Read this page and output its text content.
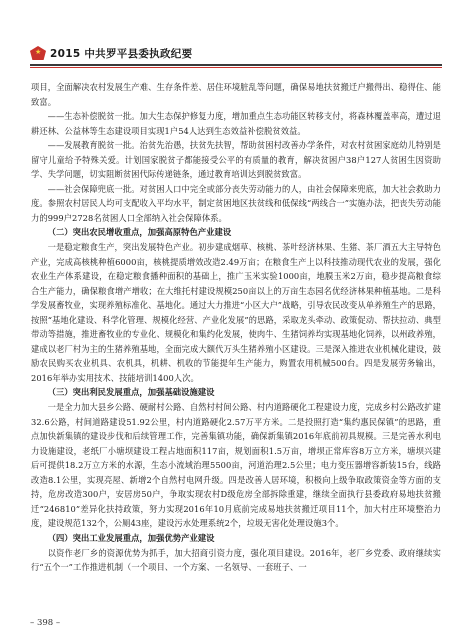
★ 2015 中共罗平县委执政纪要

项目，全面解决农村发展生产难、生存条件差、居住环境脏乱等问题，确保易地扶贫搬迁户搬得出、稳得住、能致富。

——生态补偿脱贫一批。加大生态保护修复力度，增加重点生态功能区转移支付，将森林覆盖率高，遭过退耕还林、公益林等生态建设项目实现1户54人达到生态效益补偿脱贫效益。

——发展教育脱贫一批。治贫先治愚，扶贫先扶智，帮助贫困村改善办学条件，对农村贫困家庭幼儿特别是留守儿童给予特殊关爱。计划国家脱贫子都能接受公平的有质量的教育，解决贫困户38户127人贫困生因资助学、失学问题，切实阻断贫困代际传递链条，通过教育培训达到脱贫致富。

——社会保障兜底一批。对贫困人口中完全或部分丧失劳动能力的人，由社会保障来兜底，加大社会救助力度。参照农村居民人均可支配收入平均水平，制定贫困地区扶贫线和低保线“两线合一”实施办法，把丧失劳动能力的999户2728名贫困人口全部纳入社会保障体系。

（二）突出农民增收重点，加强高原特色产业建设

一是稳定粮食生产，突出发展特色产业。初步建成烟草、核桃、茶叶经济林果、生猪、茶厂酒五大主导特色产业，完成高核桃种植6000亩，核桃提质增效改造2.49万亩；在粮食生产上以科技推动现代农业的发展，强化农业生产体系建设，在稳定粮食播种面积的基础上，推广玉米实验1000亩，地膜玉米2万亩，稳步提高粮食综合生产能力，确保粮食增产增收；在大维托村建设规模250亩以上的万亩生态园名优经济林果种植基地。二是科学发展畜牧业，实现养殖标准化、基地化。通过大力推进“小区大户”战略，引导农民改变从单养殖生产的思路，按照“基地化建设、科学化管理、规模化经营、产业化发展”的思路，采取龙头牵动、政策促动、帮扶拉动、典型带动等措施，推进畜牧业的专业化、规模化和集约化发展，使肉牛、生猪饲养均实现基地化饲养，以州政养殖，建成以老厂村为主的生猪养殖基地，全面完成大额代万头生猪养殖小区建设。三是深入推进农业机械化建设，鼓励农民购买农业机具、农机具，机耕、机收的节能提年生产能力，购置农用机械500台。四是发展劳务输出，2016年举办实用技术、技能培训1400人次。

（三）突出利民发展重点，加强基础设施建设

一是全力加大县乡公路、硬耐村公路、自然村村间公路、村内道路硬化工程建设力度，完成乡村公路改扩建32.6公路，村间道路建设51.92公里，村内道路硬化2.57万平方米。二是投照打造“集约惠民保镇”的思路，重点加快新集镇的建设步伐和后续管理工作，完善集镇功能，确保新集镇2016年底前初具规模。三是完善水利电力设施建设，老纸厂小塘坝建设工程占地面积117亩，规划面积1.5万亩，增坝正常库容8万立方米，塘坝兴建后可提供18.2万立方米的水源，生态小流域治理5500亩，河道治理2.5公里；电力变压器增容新装15台，线路改造8.1公里，实现亮屋、新增2个自然村电网升级。四是改善人居环境，积极向上级争取政策资金等方面的支持，危房改造300户，安居房50户，争取实现农村D级危房全部拆除重建，继续全面执行县委政府易地扶贫搬迁“246810”差异化扶持政策，努力实现2016年10月底前完成易地扶贫搬迁项目11个，加大村庄环境整治力度，建设规范132个，公厕43座，建设污水处理系统2个，垃圾无害化处理设施3个。

（四）突出工业发展重点，加强优势产业建设

以资作老厂乡的资源优势为抓手，加大招商引资力度，强化项目建设。2016年，老厂乡党委、政府继续实行“五个一”工作推进机制（一个项目、一个方案、一名领导、一套班子、一

– 398 –
